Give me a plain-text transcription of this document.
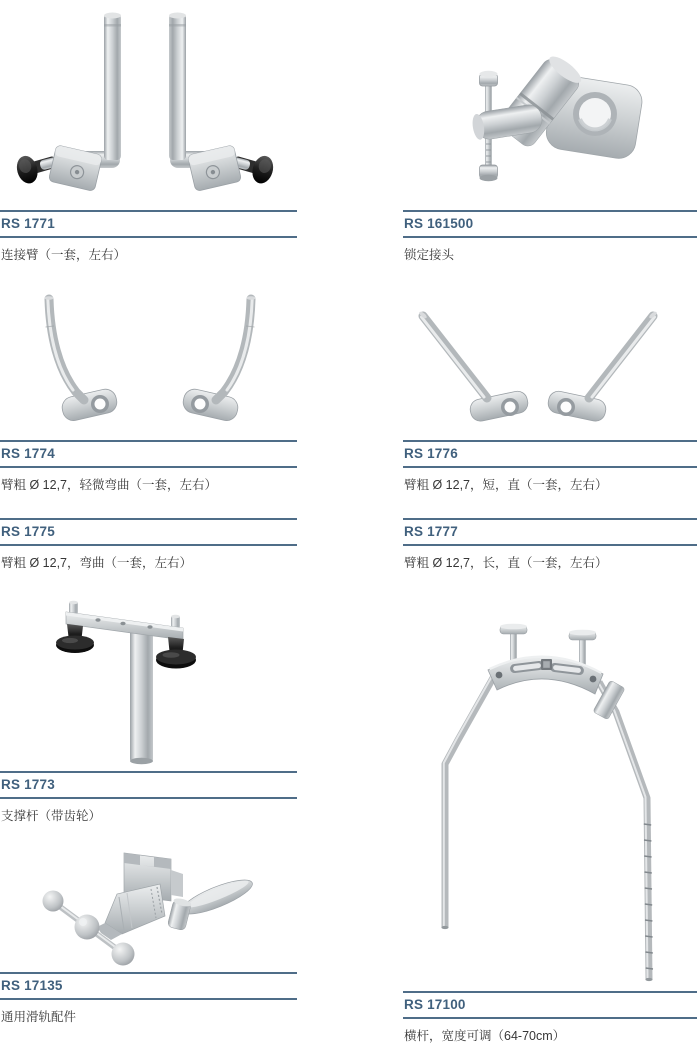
RS 1771
连接臂（一套，左右）
RS 161500
锁定接头
RS 1774
臂粗 Ø 12,7，轻微弯曲（一套，左右）
RS 1776
臂粗 Ø 12,7，短，直（一套，左右）
RS 1775
臂粗 Ø 12,7，弯曲（一套，左右）
RS 1777
臂粗 Ø 12,7，长，直（一套，左右）
RS 1773
支撑杆（带齿轮）
RS 17135
通用滑轨配件
RS 17100
横杆，宽度可调（64-70cm）
